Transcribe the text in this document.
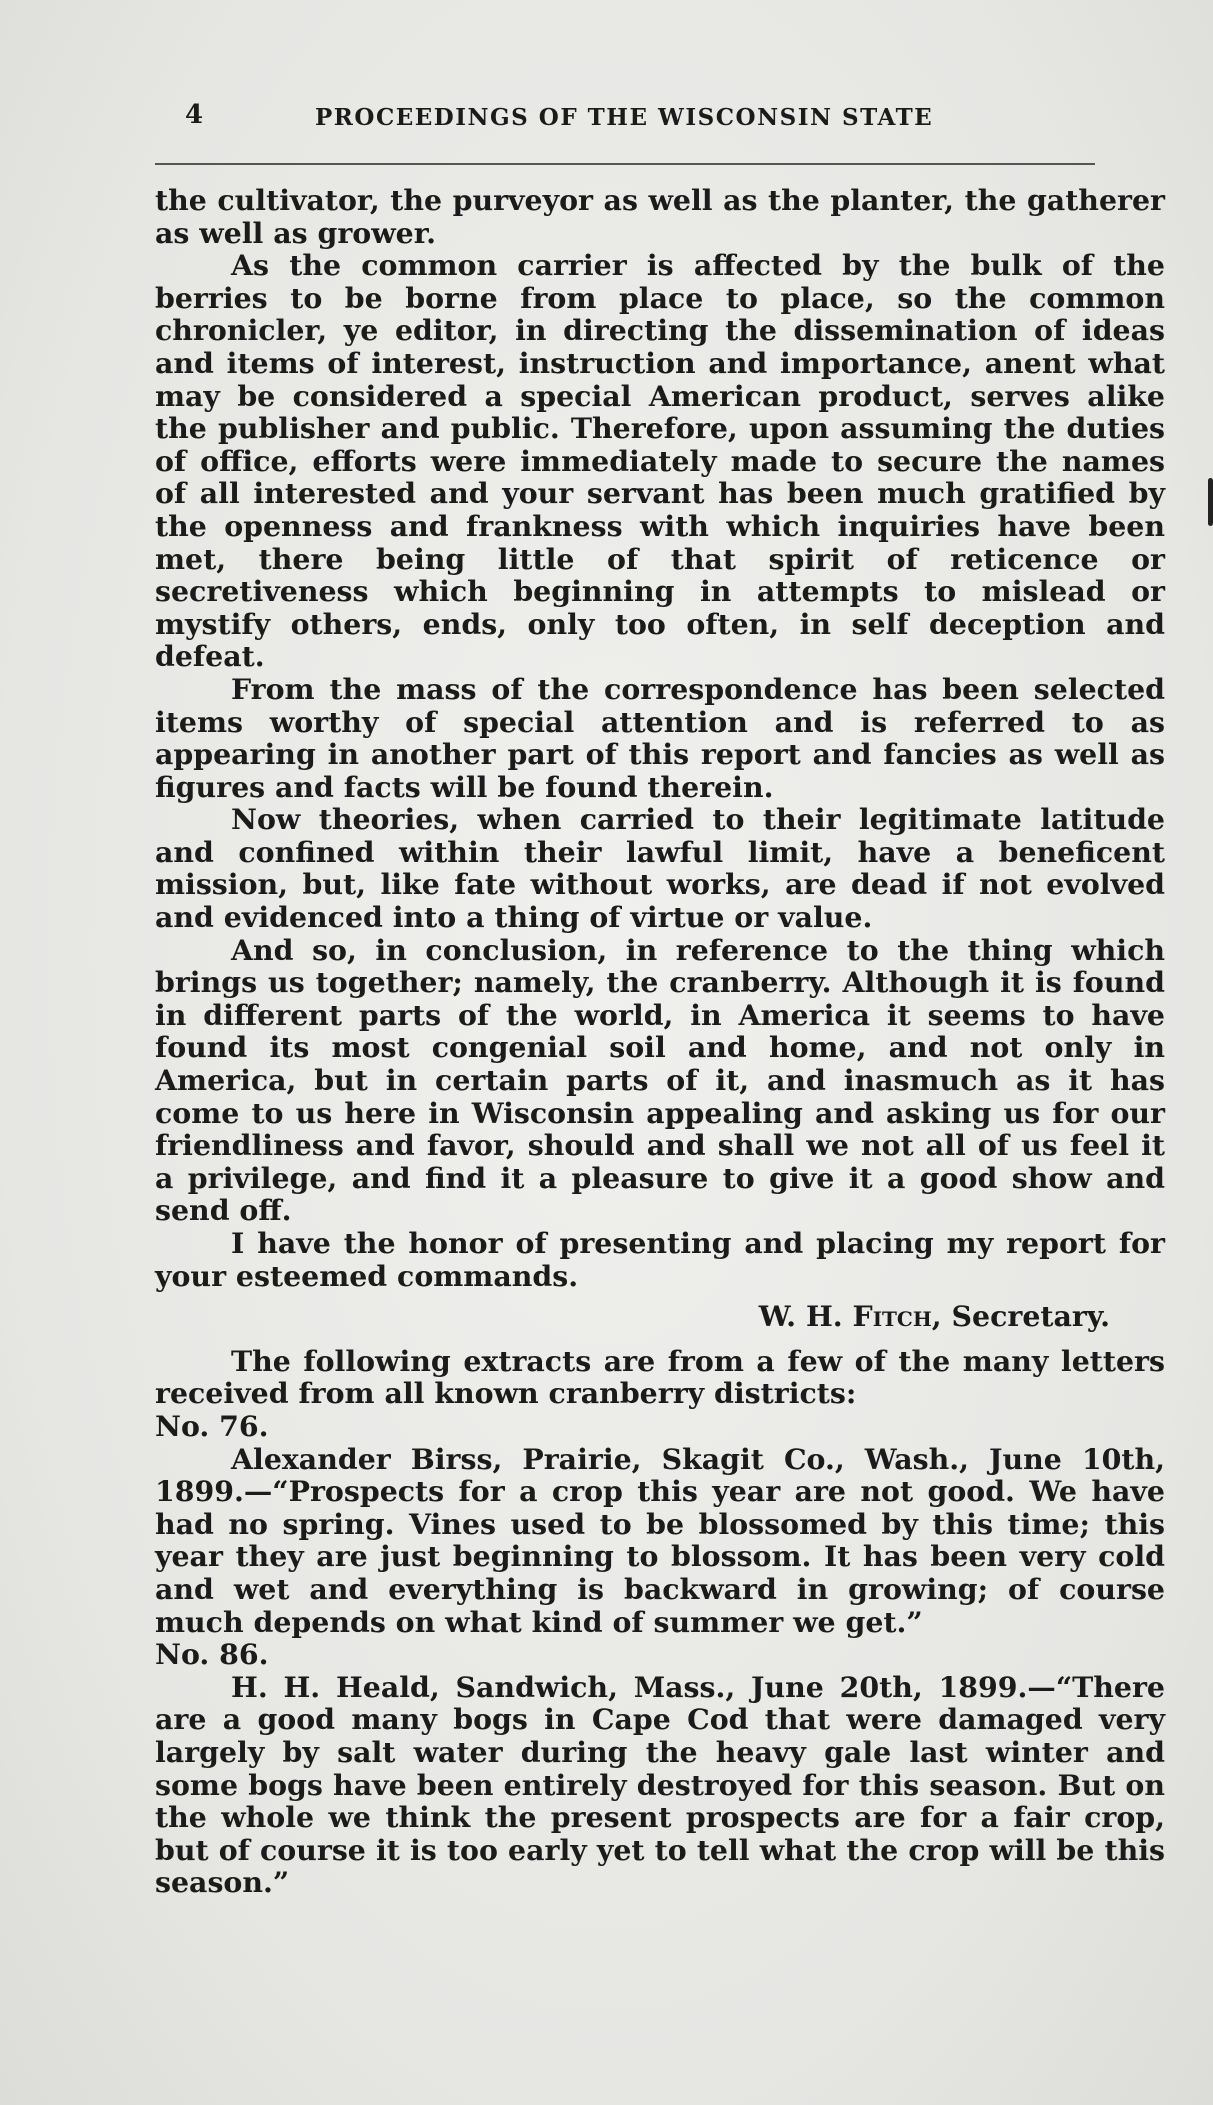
4	PROCEEDINGS OF THE WISCONSIN STATE

the cultivator, the purveyor as well as the planter, the gatherer as well as grower.

As the common carrier is affected by the bulk of the berries to be borne from place to place, so the common chronicler, ye editor, in directing the dissemination of ideas and items of interest, instruction and importance, anent what may be considered a special American product, serves alike the publisher and public. Therefore, upon assuming the duties of office, efforts were immediately made to secure the names of all interested and your servant has been much gratified by the openness and frankness with which inquiries have been met, there being little of that spirit of reticence or secretiveness which beginning in attempts to mislead or mystify others, ends, only too often, in self deception and defeat.

From the mass of the correspondence has been selected items worthy of special attention and is referred to as appearing in another part of this report and fancies as well as figures and facts will be found therein.

Now theories, when carried to their legitimate latitude and confined within their lawful limit, have a beneficent mission, but, like fate without works, are dead if not evolved and evidenced into a thing of virtue or value.

And so, in conclusion, in reference to the thing which brings us together; namely, the cranberry. Although it is found in different parts of the world, in America it seems to have found its most congenial soil and home, and not only in America, but in certain parts of it, and inasmuch as it has come to us here in Wisconsin appealing and asking us for our friendliness and favor, should and shall we not all of us feel it a privilege, and find it a pleasure to give it a good show and send off.

I have the honor of presenting and placing my report for your esteemed commands.

W. H. Fitch, Secretary.

The following extracts are from a few of the many letters received from all known cranberry districts:

No. 76.

Alexander Birss, Prairie, Skagit Co., Wash., June 10th, 1899.—“Prospects for a crop this year are not good. We have had no spring. Vines used to be blossomed by this time; this year they are just beginning to blossom. It has been very cold and wet and everything is backward in growing; of course much depends on what kind of summer we get.”

No. 86.

H. H. Heald, Sandwich, Mass., June 20th, 1899.—“There are a good many bogs in Cape Cod that were damaged very largely by salt water during the heavy gale last winter and some bogs have been entirely destroyed for this season. But on the whole we think the present prospects are for a fair crop, but of course it is too early yet to tell what the crop will be this season.”
